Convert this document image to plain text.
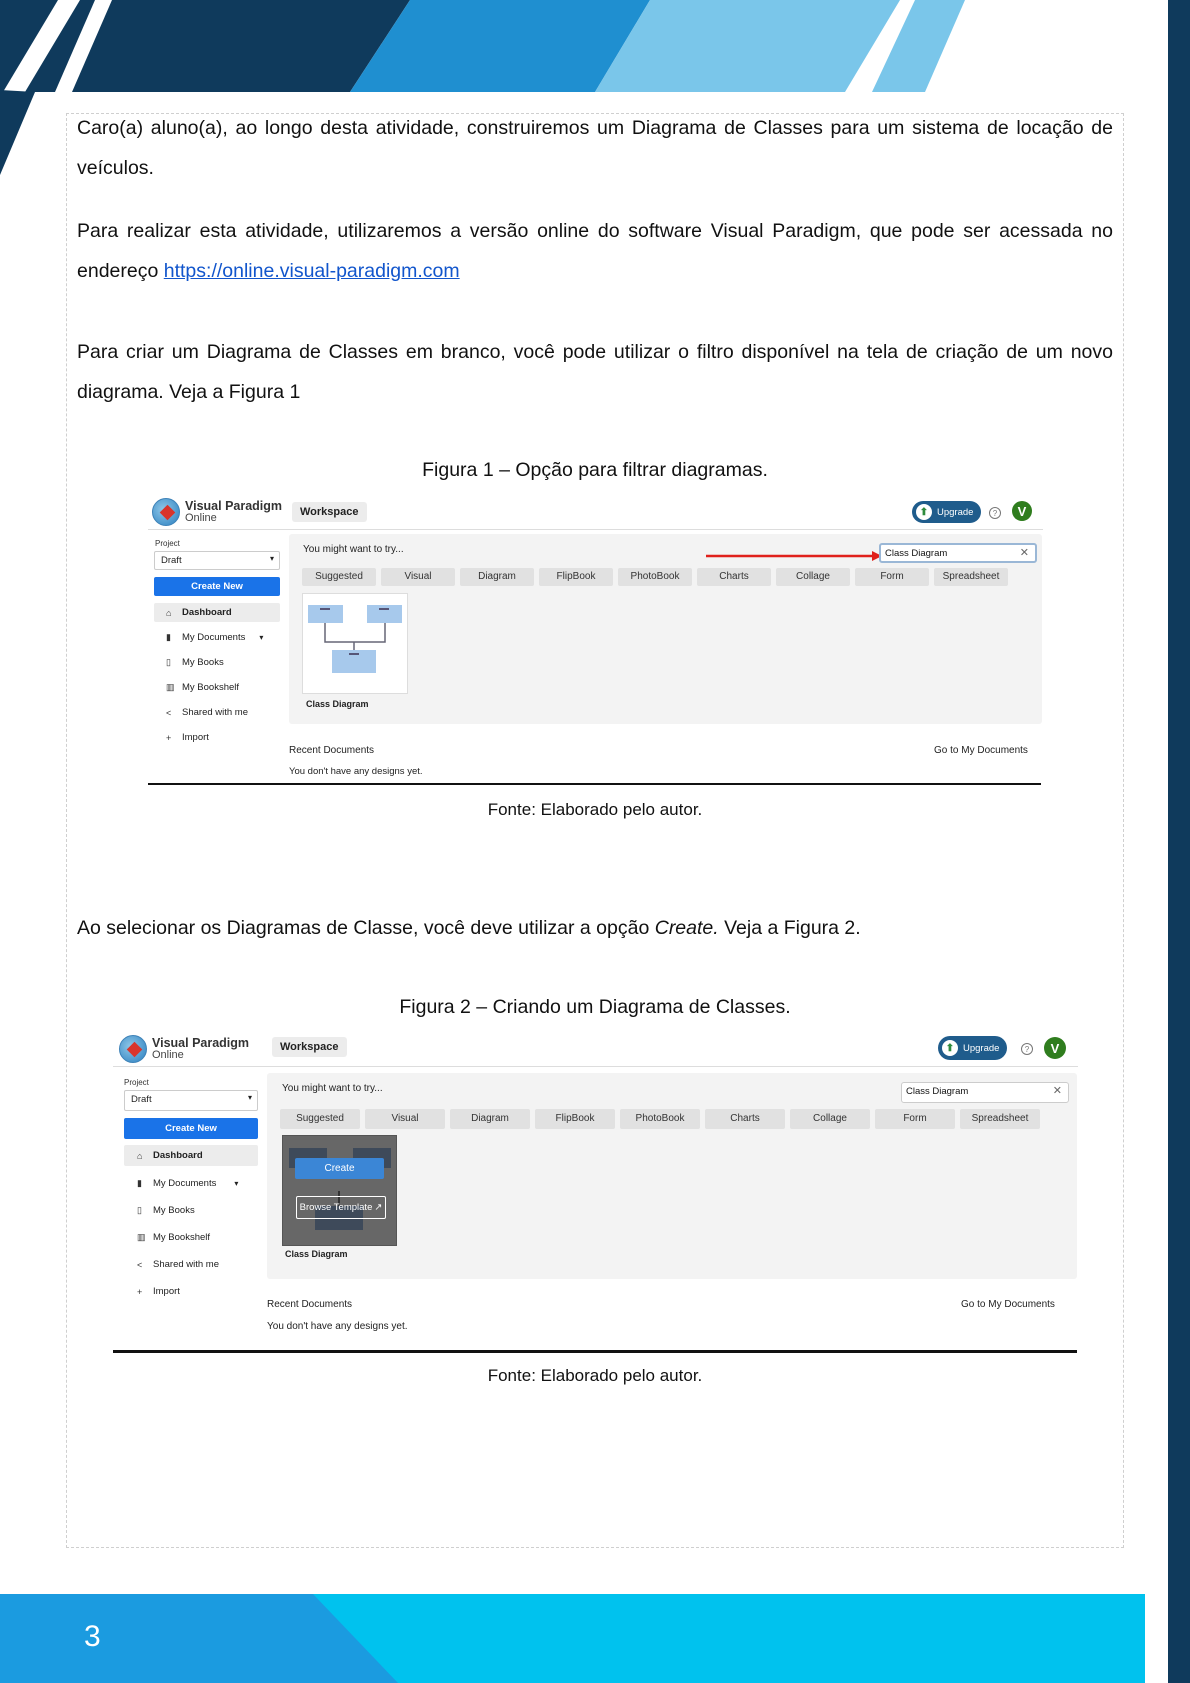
Caro(a) aluno(a), ao longo desta atividade, construiremos um Diagrama de Classes para um sistema de locação de veículos.
Para realizar esta atividade, utilizaremos a versão online do software Visual Paradigm, que pode ser acessada no endereço https://online.visual-paradigm.com
Para criar um Diagrama de Classes em branco, você pode utilizar o filtro disponível na tela de criação de um novo diagrama. Veja a Figura 1
Figura 1 – Opção para filtrar diagramas.
Visual Paradigm
Online	Workspace	⬆ Upgrade	?	V
Project
Draft	▾
Create New
⌂	Dashboard
▮	My Documents ▾
▯	My Books
▥ My Bookshelf
<	Shared with me
+	Import
You might want to try...	Class Diagram	✕
Suggested	Visual	Diagram	FlipBook	PhotoBook	Charts	Collage	Form	Spreadsheet
Class Diagram
Recent Documents	Go to My Documents
You don't have any designs yet.
Fonte: Elaborado pelo autor.
Ao selecionar os Diagramas de Classe, você deve utilizar a opção Create. Veja a Figura 2.
Figura 2 – Criando um Diagrama de Classes.
Visual Paradigm
Online
Workspace	⬆ Upgrade	?	V
Project
Draft	▾
Create New
⌂	Dashboard
▮	My Documents ▾
▯	My Books
▥ My Bookshelf
<	Shared with me
+	Import
You might want to try...	Class Diagram	✕
Suggested	Visual	Diagram	FlipBook	PhotoBook	Charts	Collage	Form	Spreadsheet
Create
Browse Template ↗
Class Diagram
Recent Documents	Go to My Documents
You don't have any designs yet.
Fonte: Elaborado pelo autor.
3
